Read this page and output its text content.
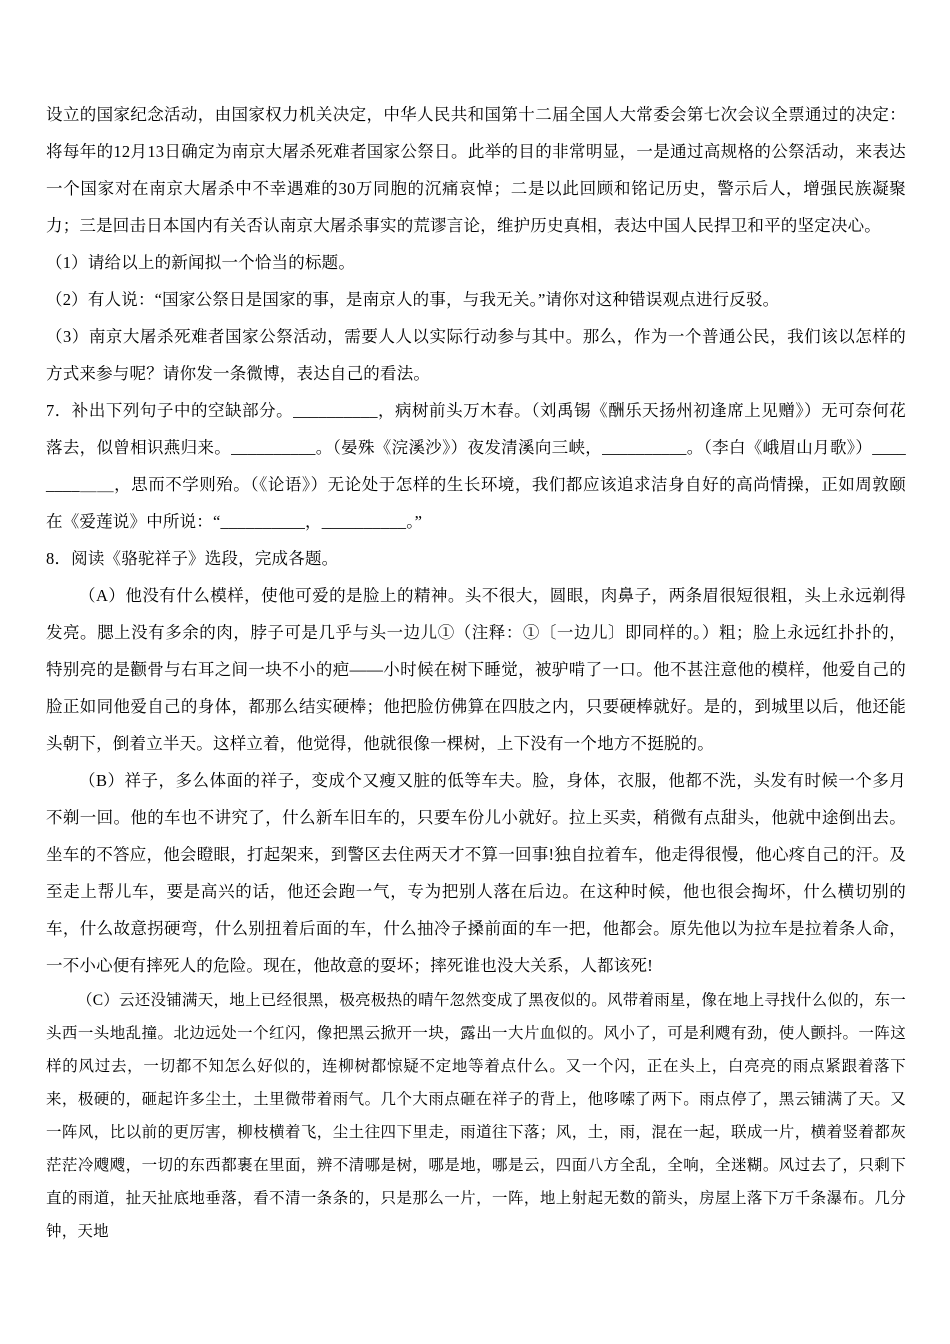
设立的国家纪念活动，由国家权力机关决定，中华人民共和国第十二届全国人大常委会第七次会议全票通过的决定：将每年的12月13日确定为南京大屠杀死难者国家公祭日。此举的目的非常明显，一是通过高规格的公祭活动，来表达一个国家对在南京大屠杀中不幸遇难的30万同胞的沉痛哀悼；二是以此回顾和铭记历史，警示后人，增强民族凝聚力；三是回击日本国内有关否认南京大屠杀事实的荒谬言论，维护历史真相，表达中国人民捍卫和平的坚定决心。

（1）请给以上的新闻拟一个恰当的标题。

（2）有人说：“国家公祭日是国家的事，是南京人的事，与我无关。”请你对这种错误观点进行反驳。

（3）南京大屠杀死难者国家公祭活动，需要人人以实际行动参与其中。那么，作为一个普通公民，我们该以怎样的方式来参与呢？请你发一条微博，表达自己的看法。

7．补出下列句子中的空缺部分。__________，病树前头万木春。（刘禹锡《酬乐天扬州初逢席上见赠》）无可奈何花落去，似曾相识燕归来。__________。（晏殊《浣溪沙》）夜发清溪向三峡，__________。（李白《峨眉山月歌》）________＿＿，思而不学则殆。（《论语》）无论处于怎样的生长环境，我们都应该追求洁身自好的高尚情操，正如周敦颐在《爱莲说》中所说：“__________，__________。”

8．阅读《骆驼祥子》选段，完成各题。

（A）他没有什么模样，使他可爱的是脸上的精神。头不很大，圆眼，肉鼻子，两条眉很短很粗，头上永远剃得发亮。腮上没有多余的肉，脖子可是几乎与头一边儿①（注释：①〔一边儿〕即同样的。）粗；脸上永远红扑扑的，特别亮的是颧骨与右耳之间一块不小的疤——小时候在树下睡觉，被驴啃了一口。他不甚注意他的模样，他爱自己的脸正如同他爱自己的身体，都那么结实硬棒；他把脸仿佛算在四肢之内，只要硬棒就好。是的，到城里以后，他还能头朝下，倒着立半天。这样立着，他觉得，他就很像一棵树，上下没有一个地方不挺脱的。

（B）祥子，多么体面的祥子，变成个又瘦又脏的低等车夫。脸，身体，衣服，他都不洗，头发有时候一个多月不剃一回。他的车也不讲究了，什么新车旧车的，只要车份儿小就好。拉上买卖，稍微有点甜头，他就中途倒出去。坐车的不答应，他会瞪眼，打起架来，到警区去住两天才不算一回事!独自拉着车，他走得很慢，他心疼自己的汗。及至走上帮儿车，要是高兴的话，他还会跑一气，专为把别人落在后边。在这种时候，他也很会掏坏，什么横切别的车，什么故意拐硬弯，什么别扭着后面的车，什么抽冷子搡前面的车一把，他都会。原先他以为拉车是拉着条人命，一不小心便有摔死人的危险。现在，他故意的耍坏；摔死谁也没大关系，人都该死!

（C）云还没铺满天，地上已经很黑，极亮极热的晴午忽然变成了黑夜似的。风带着雨星，像在地上寻找什么似的，东一头西一头地乱撞。北边远处一个红闪，像把黑云掀开一块，露出一大片血似的。风小了，可是利飕有劲，使人颤抖。一阵这样的风过去，一切都不知怎么好似的，连柳树都惊疑不定地等着点什么。又一个闪，正在头上，白亮亮的雨点紧跟着落下来，极硬的，砸起许多尘土，土里微带着雨气。几个大雨点砸在祥子的背上，他哆嗦了两下。雨点停了，黑云铺满了天。又一阵风，比以前的更厉害，柳枝横着飞，尘土往四下里走，雨道往下落；风，土，雨，混在一起，联成一片，横着竖着都灰茫茫冷飕飕，一切的东西都裹在里面，辨不清哪是树，哪是地，哪是云，四面八方全乱，全响，全迷糊。风过去了，只剩下直的雨道，扯天扯底地垂落，看不清一条条的，只是那么一片，一阵，地上射起无数的箭头，房屋上落下万千条瀑布。几分钟，天地
